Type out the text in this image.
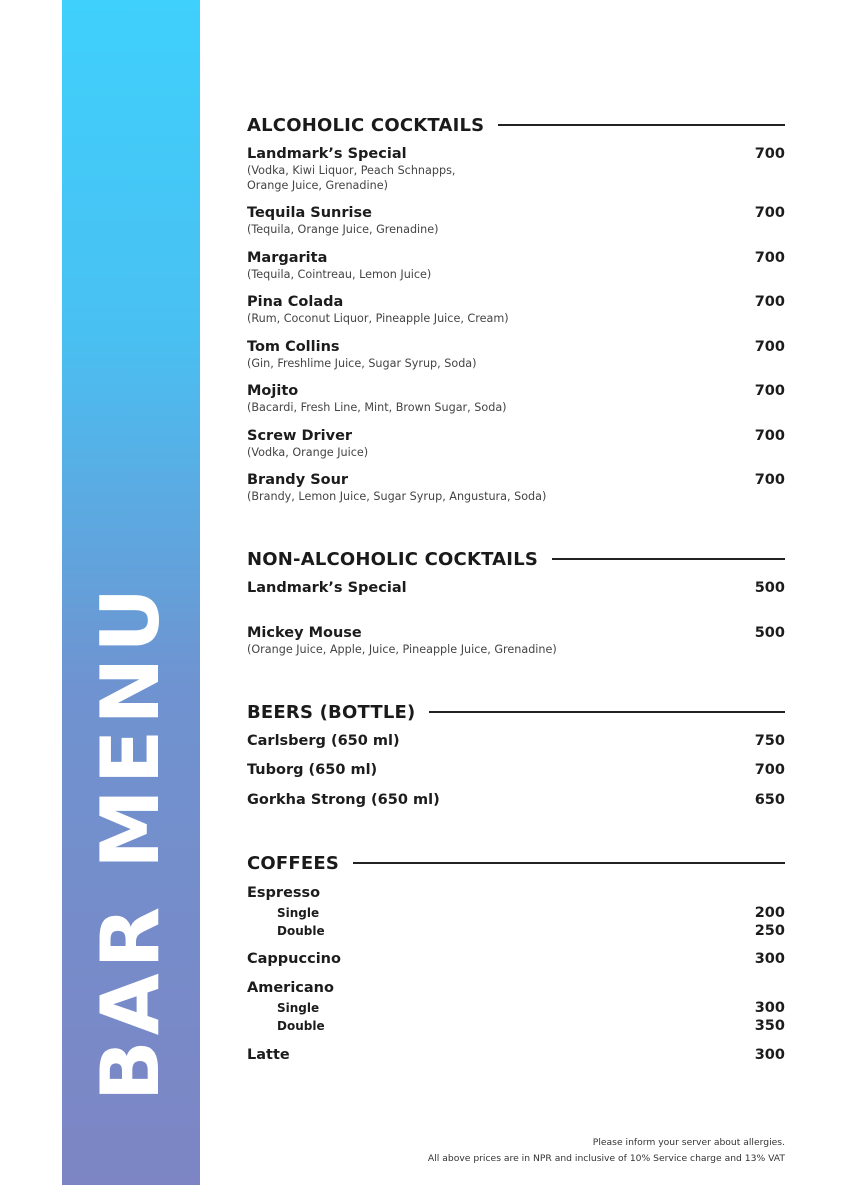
BAR MENU
ALCOHOLIC COCKTAILS
Landmark’s Special	700
(Vodka, Kiwi Liquor, Peach Schnapps, Orange Juice, Grenadine)
Tequila Sunrise	700
(Tequila, Orange Juice, Grenadine)
Margarita	700
(Tequila, Cointreau, Lemon Juice)
Pina Colada	700
(Rum, Coconut Liquor, Pineapple Juice, Cream)
Tom Collins	700
(Gin, Freshlime Juice, Sugar Syrup, Soda)
Mojito	700
(Bacardi, Fresh Line, Mint, Brown Sugar, Soda)
Screw Driver	700
(Vodka, Orange Juice)
Brandy Sour	700
(Brandy, Lemon Juice, Sugar Syrup, Angustura, Soda)
NON-ALCOHOLIC COCKTAILS
Landmark’s Special	500
Mickey Mouse	500
(Orange Juice, Apple, Juice, Pineapple Juice, Grenadine)
BEERS (BOTTLE)
Carlsberg (650 ml)	750
Tuborg (650 ml)	700
Gorkha Strong (650 ml)	650
COFFEES
Espresso
Single	200
Double	250
Cappuccino	300
Americano
Single	300
Double	350
Latte	300
Please inform your server about allergies.
All above prices are in NPR and inclusive of 10% Service charge and 13% VAT
